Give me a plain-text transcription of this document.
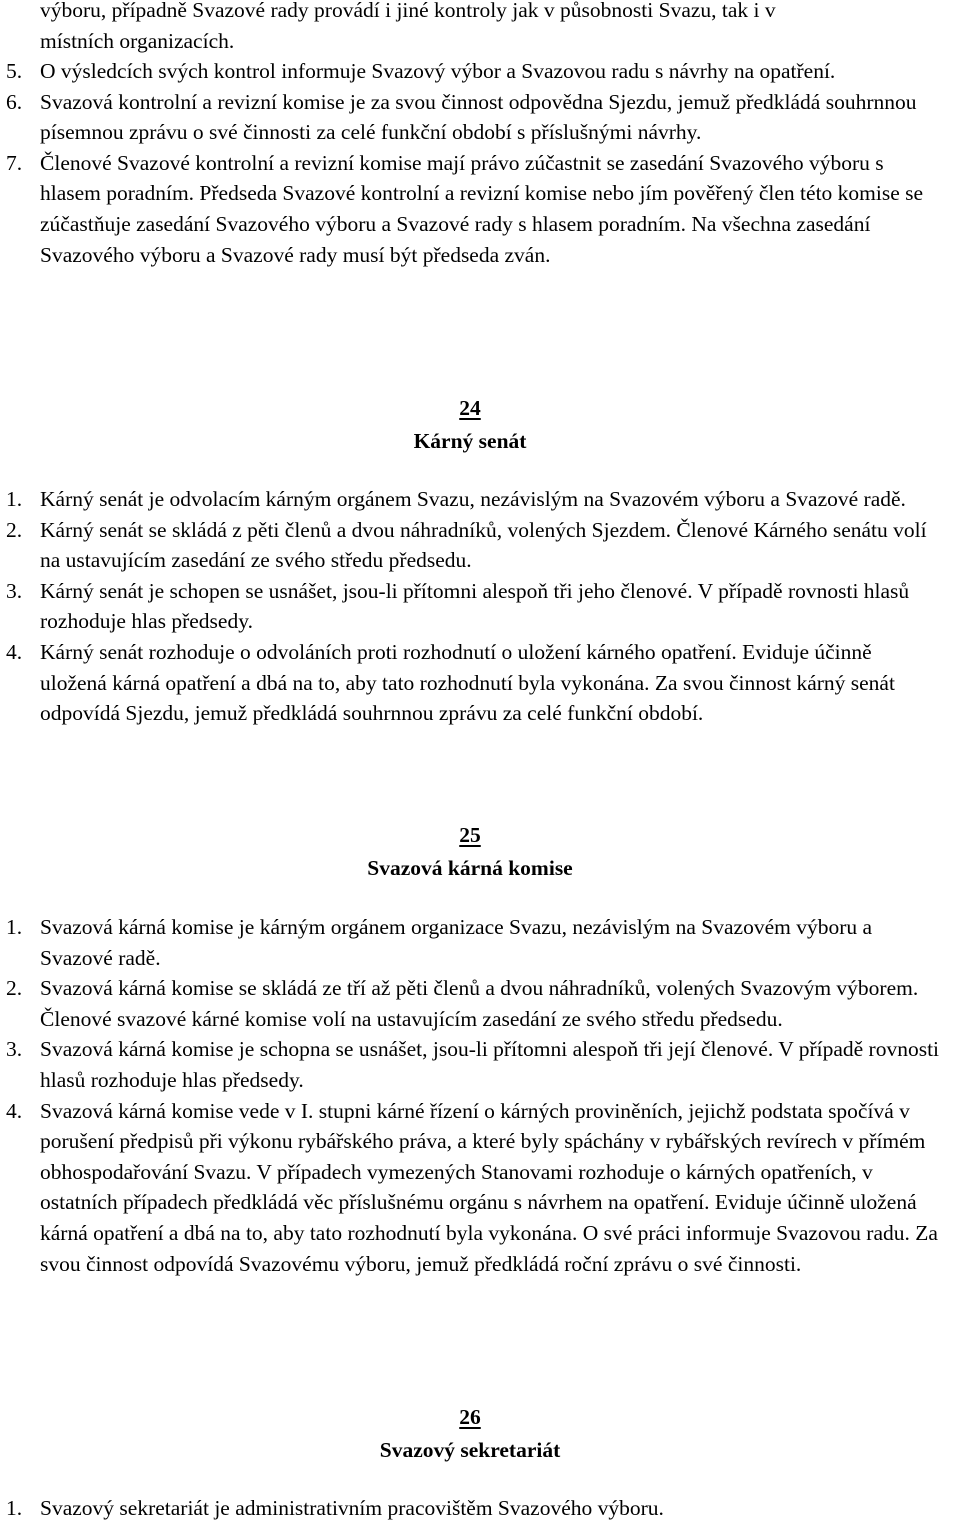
výboru, případně Svazové rady provádí i jiné kontroly jak v působnosti Svazu, tak i v

místních organizacích.

5. O výsledcích svých kontrol informuje Svazový výbor a Svazovou radu s návrhy na opatření.

6. Svazová kontrolní a revizní komise je za svou činnost odpovědna Sjezdu, jemuž předkládá souhrnnou písemnou zprávu o své činnosti za celé funkční období s příslušnými návrhy.

7. Členové Svazové kontrolní a revizní komise mají právo zúčastnit se zasedání Svazového výboru s hlasem poradním. Předseda Svazové kontrolní a revizní komise nebo jím pověřený člen této komise se zúčastňuje zasedání Svazového výboru a Svazové rady s hlasem poradním. Na všechna zasedání Svazového výboru a Svazové rady musí být předseda zván.

24

Kárný senát

1. Kárný senát je odvolacím kárným orgánem Svazu, nezávislým na Svazovém výboru a Svazové radě.

2. Kárný senát se skládá z pěti členů a dvou náhradníků, volených Sjezdem. Členové Kárného senátu volí na ustavujícím zasedání ze svého středu předsedu.

3. Kárný senát je schopen se usnášet, jsou-li přítomni alespoň tři jeho členové. V případě rovnosti hlasů rozhoduje hlas předsedy.

4. Kárný senát rozhoduje o odvoláních proti rozhodnutí o uložení kárného opatření. Eviduje účinně uložená kárná opatření a dbá na to, aby tato rozhodnutí byla vykonána. Za svou činnost kárný senát odpovídá Sjezdu, jemuž předkládá souhrnnou zprávu za celé funkční období.

25

Svazová kárná komise

1. Svazová kárná komise je kárným orgánem organizace Svazu, nezávislým na Svazovém výboru a Svazové radě.

2. Svazová kárná komise se skládá ze tří až pěti členů a dvou náhradníků, volených Svazovým výborem. Členové svazové kárné komise volí na ustavujícím zasedání ze svého středu předsedu.

3. Svazová kárná komise je schopna se usnášet, jsou-li přítomni alespoň tři její členové. V případě rovnosti hlasů rozhoduje hlas předsedy.

4. Svazová kárná komise vede v I. stupni kárné řízení o kárných proviněních, jejichž podstata spočívá v porušení předpisů při výkonu rybářského práva, a které byly spáchány v rybářských revírech v přímém obhospodařování Svazu. V případech vymezených Stanovami rozhoduje o kárných opatřeních, v ostatních případech předkládá věc příslušnému orgánu s návrhem na opatření. Eviduje účinně uložená kárná opatření a dbá na to, aby tato rozhodnutí byla vykonána. O své práci informuje Svazovou radu. Za svou činnost odpovídá Svazovému výboru, jemuž předkládá roční zprávu o své činnosti.

26

Svazový sekretariát

1. Svazový sekretariát je administrativním pracovištěm Svazového výboru.
